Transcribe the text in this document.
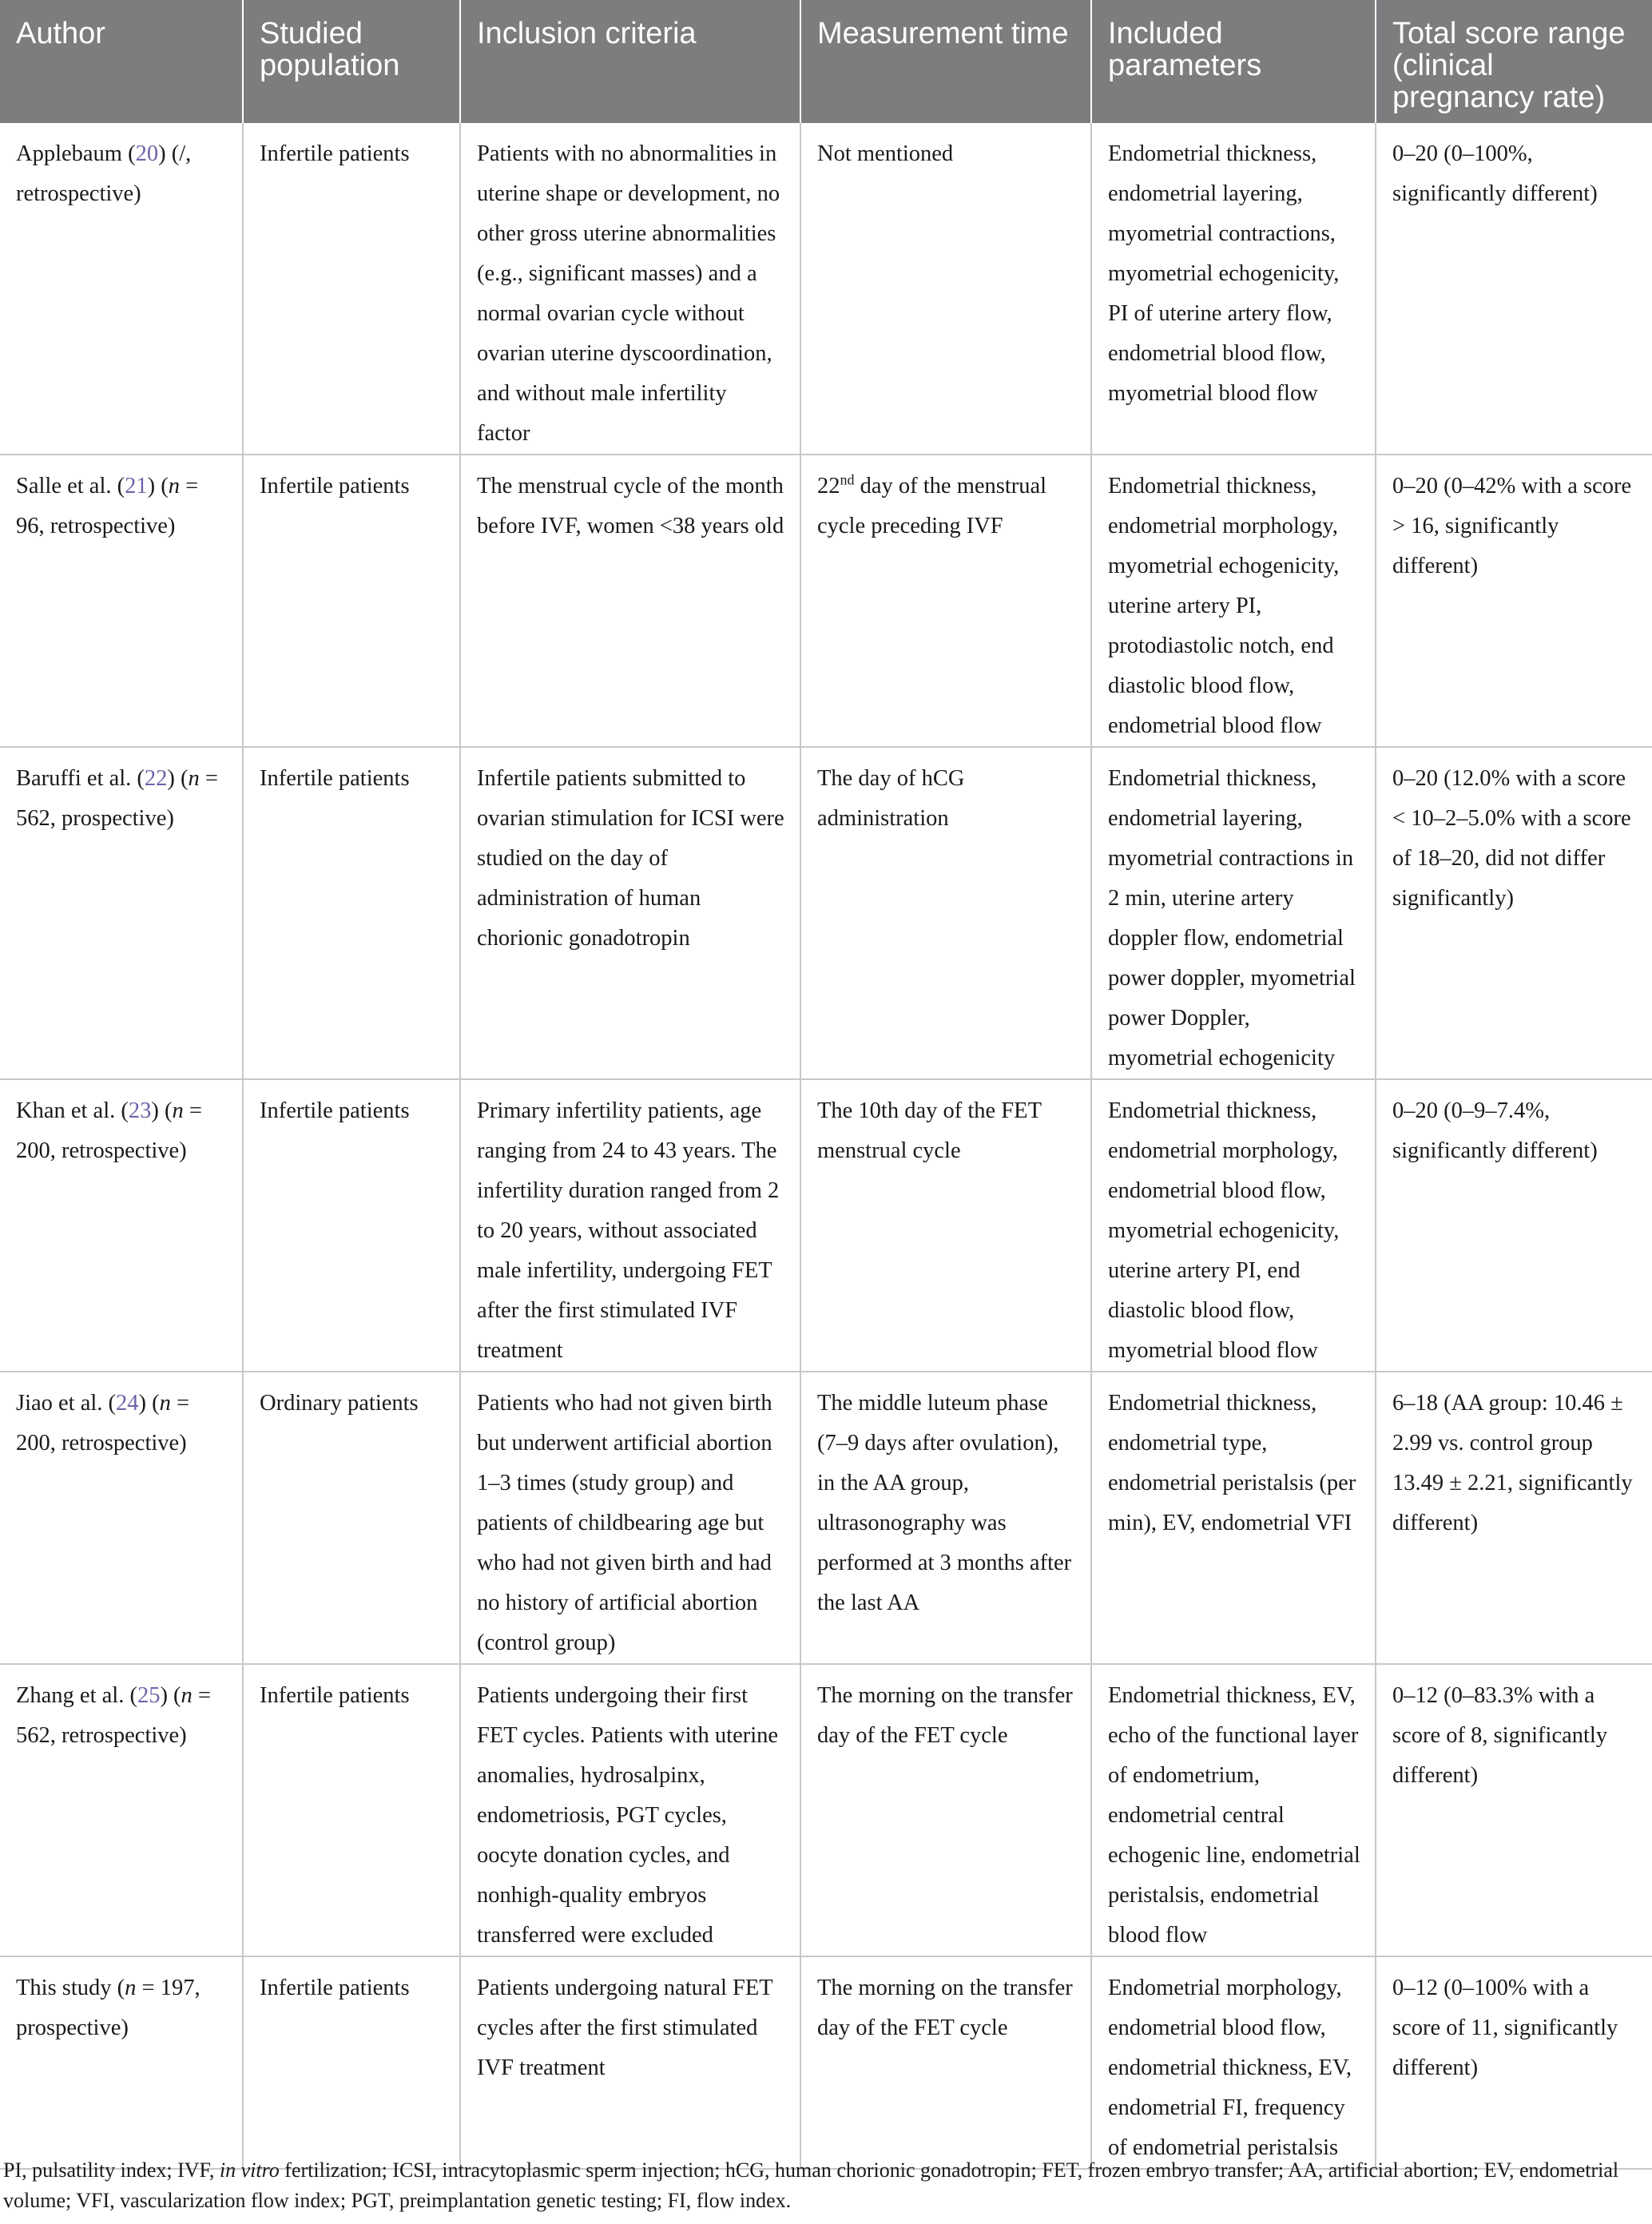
Author	Studied population	Inclusion criteria	Measurement time	Included parameters	Total score range (clinical pregnancy rate)
Applebaum (20) (/, retrospective)	Infertile patients	Patients with no abnormalities in uterine shape or development, no other gross uterine abnormalities (e.g., significant masses) and a normal ovarian cycle without ovarian uterine dyscoordination, and without male infertility factor	Not mentioned	Endometrial thickness, endometrial layering, myometrial contractions, myometrial echogenicity, PI of uterine artery flow, endometrial blood flow, myometrial blood flow	0–20 (0–100%, significantly different)
Salle et al. (21) (n = 96, retrospective)	Infertile patients	The menstrual cycle of the month before IVF, women <38 years old	22nd day of the menstrual cycle preceding IVF	Endometrial thickness, endometrial morphology, myometrial echogenicity, uterine artery PI, protodiastolic notch, end diastolic blood flow, endometrial blood flow	0–20 (0–42% with a score > 16, significantly different)
Baruffi et al. (22) (n = 562, prospective)	Infertile patients	Infertile patients submitted to ovarian stimulation for ICSI were studied on the day of administration of human chorionic gonadotropin	The day of hCG administration	Endometrial thickness, endometrial layering, myometrial contractions in 2 min, uterine artery doppler flow, endometrial power doppler, myometrial power Doppler, myometrial echogenicity	0–20 (12.0% with a score < 10–2–5.0% with a score of 18–20, did not differ significantly)
Khan et al. (23) (n = 200, retrospective)	Infertile patients	Primary infertility patients, age ranging from 24 to 43 years. The infertility duration ranged from 2 to 20 years, without associated male infertility, undergoing FET after the first stimulated IVF treatment	The 10th day of the FET menstrual cycle	Endometrial thickness, endometrial morphology, endometrial blood flow, myometrial echogenicity, uterine artery PI, end diastolic blood flow, myometrial blood flow	0–20 (0–9–7.4%, significantly different)
Jiao et al. (24) (n = 200, retrospective)	Ordinary patients	Patients who had not given birth but underwent artificial abortion 1–3 times (study group) and patients of childbearing age but who had not given birth and had no history of artificial abortion (control group)	The middle luteum phase (7–9 days after ovulation), in the AA group, ultrasonography was performed at 3 months after the last AA	Endometrial thickness, endometrial type, endometrial peristalsis (per min), EV, endometrial VFI	6–18 (AA group: 10.46 ± 2.99 vs. control group 13.49 ± 2.21, significantly different)
Zhang et al. (25) (n = 562, retrospective)	Infertile patients	Patients undergoing their first FET cycles. Patients with uterine anomalies, hydrosalpinx, endometriosis, PGT cycles, oocyte donation cycles, and nonhigh-quality embryos transferred were excluded	The morning on the transfer day of the FET cycle	Endometrial thickness, EV, echo of the functional layer of endometrium, endometrial central echogenic line, endometrial peristalsis, endometrial blood flow	0–12 (0–83.3% with a score of 8, significantly different)
This study (n = 197, prospective)	Infertile patients	Patients undergoing natural FET cycles after the first stimulated IVF treatment	The morning on the transfer day of the FET cycle	Endometrial morphology, endometrial blood flow, endometrial thickness, EV, endometrial FI, frequency of endometrial peristalsis	0–12 (0–100% with a score of 11, significantly different)
PI, pulsatility index; IVF, in vitro fertilization; ICSI, intracytoplasmic sperm injection; hCG, human chorionic gonadotropin; FET, frozen embryo transfer; AA, artificial abortion; EV, endometrial volume; VFI, vascularization flow index; PGT, preimplantation genetic testing; FI, flow index.
